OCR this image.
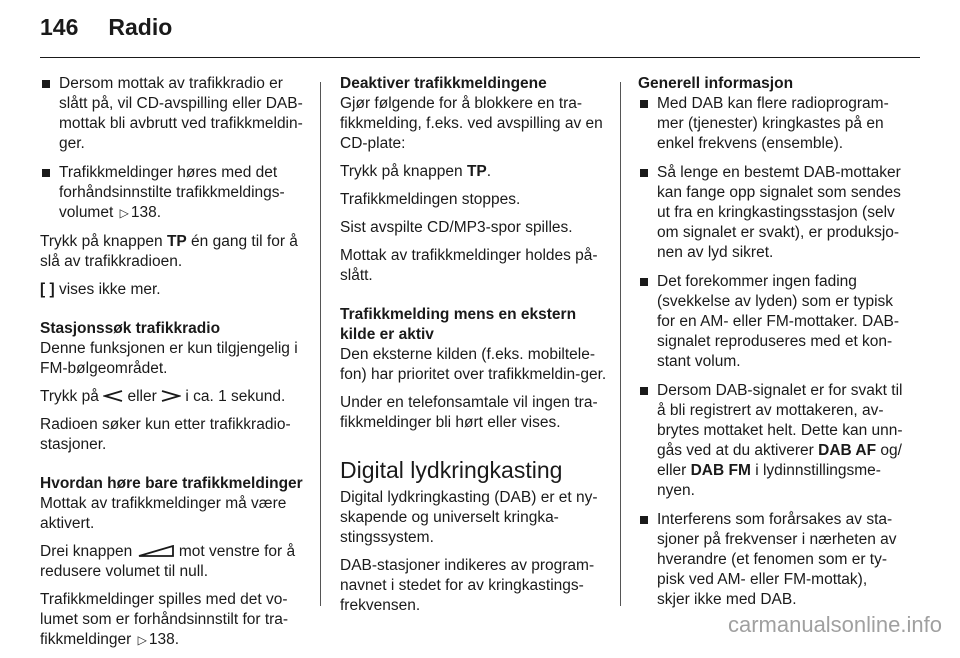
146 Radio
Dersom mottak av trafikkradio er slått på, vil CD-avspilling eller DAB-mottak bli avbrutt ved trafikkmeldin-ger.
Trafikkmeldinger høres med det forhåndsinnstilte trafikkmeldings-volumet ▷ 138.

Trykk på knappen TP én gang til for å slå av trafikkradioen.

[ ] vises ikke mer.

Stasjonssøk trafikkradio

Denne funksjonen er kun tilgjengelig i FM-bølgeområdet.

Trykk på  eller  i ca. 1 sekund.

Radioen søker kun etter trafikkradio-stasjoner.

Hvordan høre bare trafikkmeldinger

Mottak av trafikkmeldinger må være aktivert.

Drei knappen  mot venstre for å redusere volumet til null.

Trafikkmeldinger spilles med det vo-lumet som er forhåndsinnstilt for tra-fikkmeldinger ▷ 138.

Deaktiver trafikkmeldingene

Gjør følgende for å blokkere en tra-fikkmelding, f.eks. ved avspilling av en CD-plate:

Trykk på knappen TP.

Trafikkmeldingen stoppes.

Sist avspilte CD/MP3-spor spilles.

Mottak av trafikkmeldinger holdes på-slått.

Trafikkmelding mens en ekstern kilde er aktiv

Den eksterne kilden (f.eks. mobiltele-fon) har prioritet over trafikkmeldin-ger.

Under en telefonsamtale vil ingen tra-fikkmeldinger bli hørt eller vises.

Digital lydkringkasting

Digital lydkringkasting (DAB) er et ny-skapende og universelt kringka-stingssystem.

DAB-stasjoner indikeres av program-navnet i stedet for av kringkastings-frekvensen.

Generell informasjon

Med DAB kan flere radioprogram-mer (tjenester) kringkastes på en enkel frekvens (ensemble).
Så lenge en bestemt DAB-mottaker kan fange opp signalet som sendes ut fra en kringkastingsstasjon (selv om signalet er svakt), er produksjo-nen av lyd sikret.
Det forekommer ingen fading (svekkelse av lyden) som er typisk for en AM- eller FM-mottaker. DAB-signalet reproduseres med et kon-stant volum.
Dersom DAB-signalet er for svakt til å bli registrert av mottakeren, av-brytes mottaket helt. Dette kan unn-gås ved at du aktiverer DAB AF og/ eller DAB FM i lydinnstillingsme-nyen.
Interferens som forårsakes av sta-sjoner på frekvenser i nærheten av hverandre (et fenomen som er ty-pisk ved AM- eller FM-mottak), skjer ikke med DAB.
carmanualsonline.info
